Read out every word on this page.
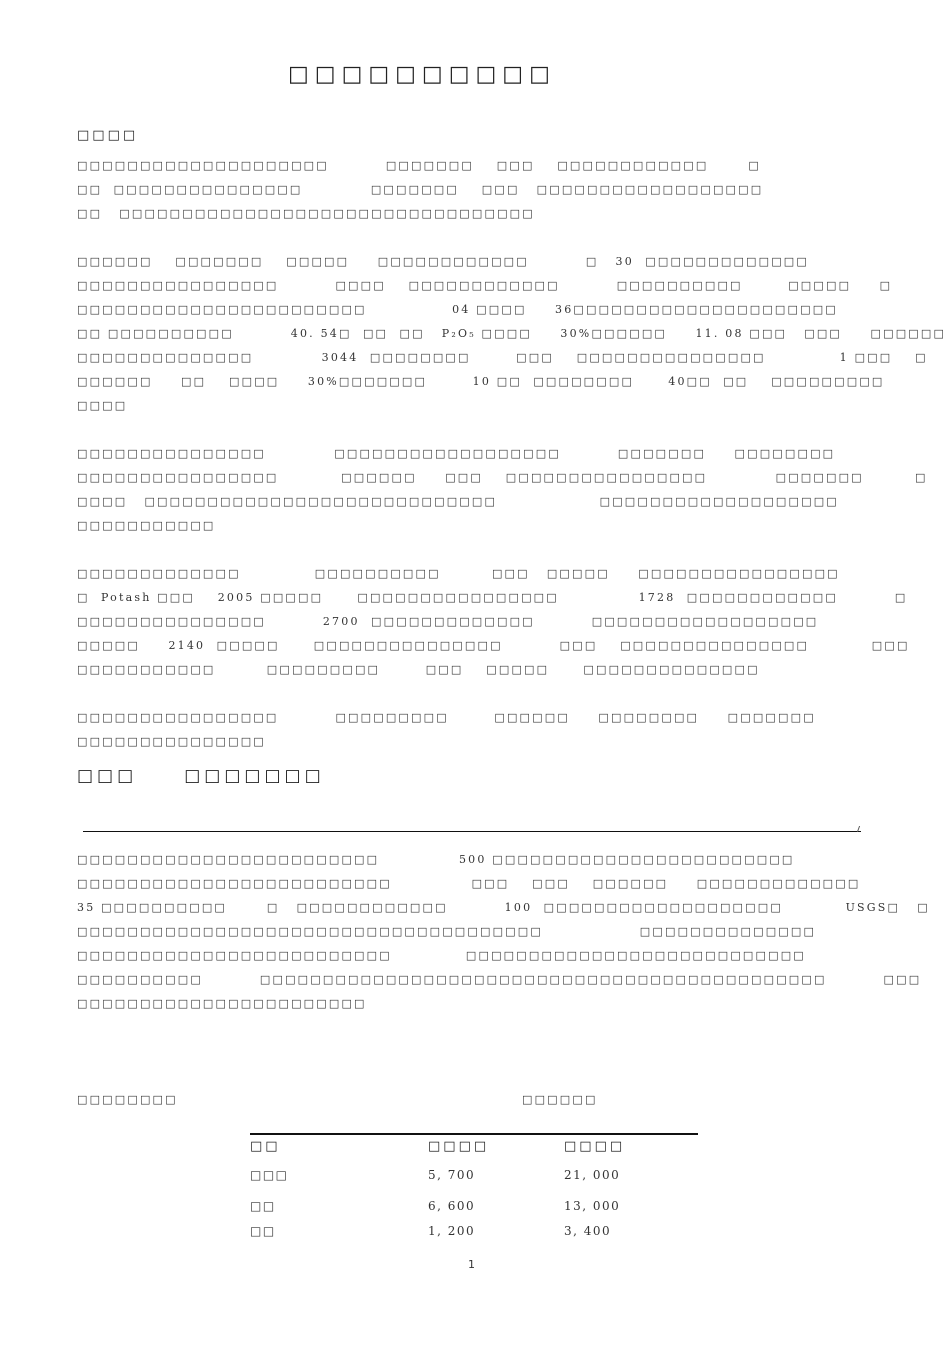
□□□□□□□□□□
□□□□
□□□□□□□□□□□□□□□□□□□□          □□□□□□□    □□□    □□□□□□□□□□□□       □
□□  □□□□□□□□□□□□□□□            □□□□□□□    □□□   □□□□□□□□□□□□□□□□□□
□□   □□□□□□□□□□□□□□□□□□□□□□□□□□□□□□□□□
□□□□□□    □□□□□□□    □□□□□     □□□□□□□□□□□□          □   30  □□□□□□□□□□□□□
□□□□□□□□□□□□□□□□          □□□□    □□□□□□□□□□□□          □□□□□□□□□□        □□□□□     □
□□□□□□□□□□□□□□□□□□□□□□□               04 □□□□     36□□□□□□□□□□□□□□□□□□□□□
□□ □□□□□□□□□□          40. 54□  □□  □□   P₂O₅ □□□□     30%□□□□□□     11. 08 □□□   □□□     □□□□□□
□□□□□□□□□□□□□□            3044  □□□□□□□□        □□□    □□□□□□□□□□□□□□□             1 □□□    □
□□□□□□     □□    □□□□     30%□□□□□□□        10 □□  □□□□□□□□      40□□  □□    □□□□□□□□□
□□□□
□□□□□□□□□□□□□□□            □□□□□□□□□□□□□□□□□□          □□□□□□□     □□□□□□□□
□□□□□□□□□□□□□□□□           □□□□□□     □□□    □□□□□□□□□□□□□□□□            □□□□□□□         □
□□□□   □□□□□□□□□□□□□□□□□□□□□□□□□□□□                  □□□□□□□□□□□□□□□□□□□
□□□□□□□□□□□
□□□□□□□□□□□□□             □□□□□□□□□□         □□□   □□□□□     □□□□□□□□□□□□□□□□
□  Potash □□□    2005 □□□□□      □□□□□□□□□□□□□□□□              1728  □□□□□□□□□□□□          □
□□□□□□□□□□□□□□□          2700  □□□□□□□□□□□□□          □□□□□□□□□□□□□□□□□□
□□□□□     2140  □□□□□      □□□□□□□□□□□□□□□          □□□    □□□□□□□□□□□□□□□           □□□
□□□□□□□□□□□         □□□□□□□□□        □□□    □□□□□      □□□□□□□□□□□□□□
□□□□□□□□□□□□□□□□          □□□□□□□□□        □□□□□□     □□□□□□□□     □□□□□□□
□□□□□□□□□□□□□□□
□□□     □□□□□□□
□□□□□□□□□□□□□□□□□□□□□□□□              500 □□□□□□□□□□□□□□□□□□□□□□□□
□□□□□□□□□□□□□□□□□□□□□□□□□              □□□    □□□    □□□□□□     □□□□□□□□□□□□□
35 □□□□□□□□□□       □   □□□□□□□□□□□□          100  □□□□□□□□□□□□□□□□□□□           USGS□   □
□□□□□□□□□□□□□□□□□□□□□□□□□□□□□□□□□□□□□                 □□□□□□□□□□□□□□
□□□□□□□□□□□□□□□□□□□□□□□□□             □□□□□□□□□□□□□□□□□□□□□□□□□□□
□□□□□□□□□□          □□□□□□□□□□□□□□□□□□□□□□□□□□□□□□□□□□□□□□□□□□□□□          □□□
□□□□□□□□□□□□□□□□□□□□□□□
□□□□□□□□	□□□□□□
□□	□□□□	□□□□
□□□	5, 700	21, 000
□□	6, 600	13, 000
□□	1, 200	3, 400
1
